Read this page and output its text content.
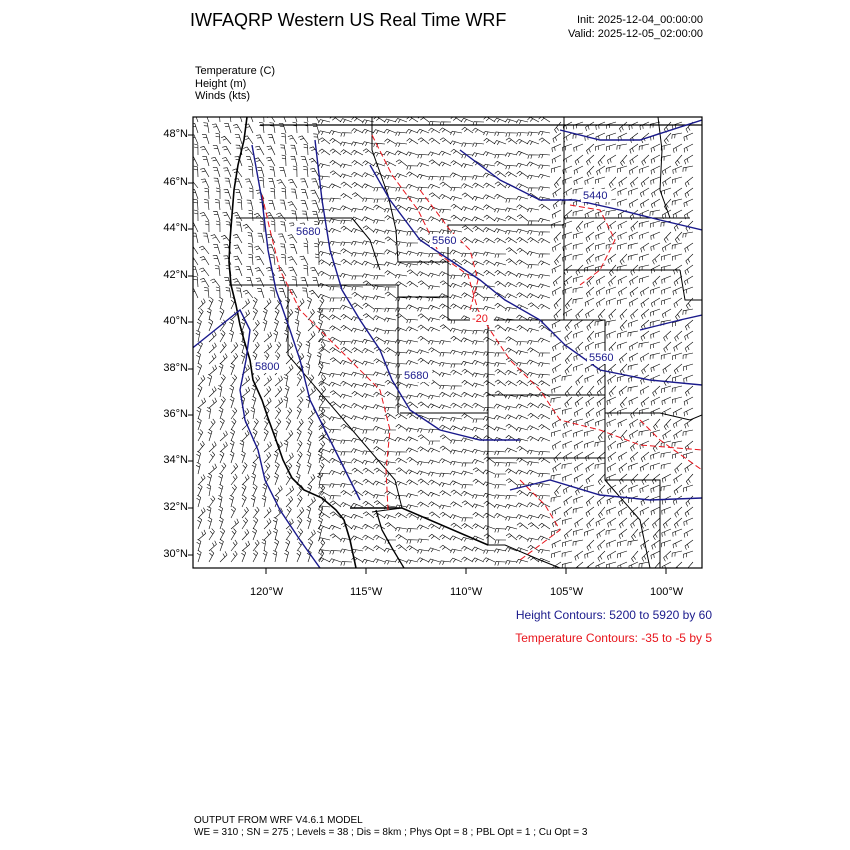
IWFAQRP Western US Real Time WRF	Init: 2025-12-04_00:00:00
Valid: 2025-12-05_02:00:00
Temperature (C)
Height (m)
Winds (kts)
5680
5560
5440
5800
5680
5560
-20
48°N
46°N
44°N
42°N
40°N
38°N
36°N
34°N
32°N
30°N
120°W	115°W	110°W	105°W	100°W
Height Contours: 5200 to 5920 by 60
Temperature Contours: -35 to -5 by 5
OUTPUT FROM WRF V4.6.1 MODEL
WE = 310 ; SN = 275 ; Levels = 38 ; Dis = 8km ; Phys Opt = 8 ; PBL Opt = 1 ; Cu Opt = 3
